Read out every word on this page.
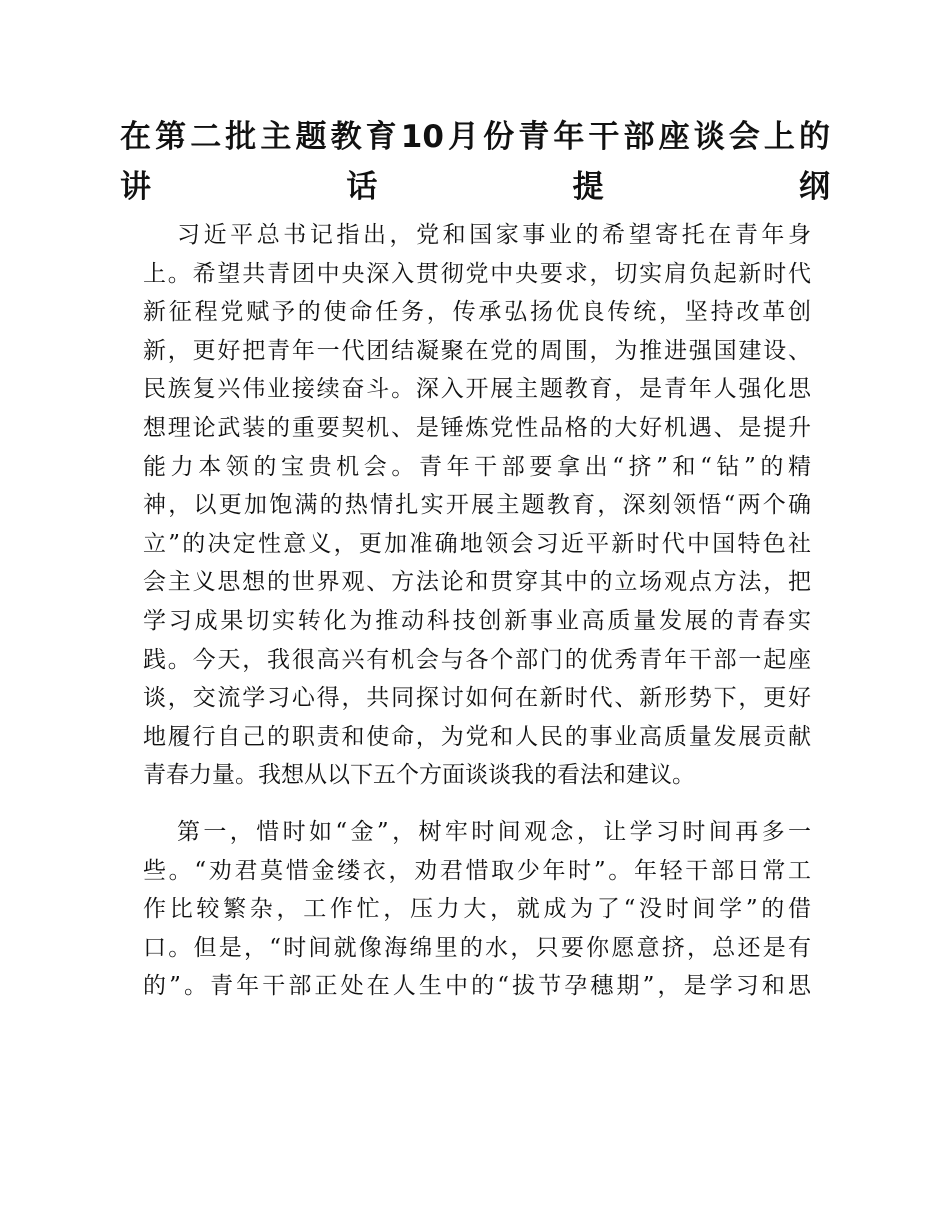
在第二批主题教育10月份青年干部座谈会上的
讲话提纲

习近平总书记指出，党和国家事业的希望寄托在青年身
上。希望共青团中央深入贯彻党中央要求，切实肩负起新时代
新征程党赋予的使命任务，传承弘扬优良传统，坚持改革创
新，更好把青年一代团结凝聚在党的周围，为推进强国建设、
民族复兴伟业接续奋斗。深入开展主题教育，是青年人强化思
想理论武装的重要契机、是锤炼党性品格的大好机遇、是提升
能力本领的宝贵机会。青年干部要拿出“挤”和“钻”的精
神，以更加饱满的热情扎实开展主题教育，深刻领悟“两个确
立”的决定性意义，更加准确地领会习近平新时代中国特色社
会主义思想的世界观、方法论和贯穿其中的立场观点方法，把
学习成果切实转化为推动科技创新事业高质量发展的青春实
践。今天，我很高兴有机会与各个部门的优秀青年干部一起座
谈，交流学习心得，共同探讨如何在新时代、新形势下，更好
地履行自己的职责和使命，为党和人民的事业高质量发展贡献
青春力量。我想从以下五个方面谈谈我的看法和建议。

第一，惜时如“金”，树牢时间观念，让学习时间再多一
些。“劝君莫惜金缕衣，劝君惜取少年时”。年轻干部日常工
作比较繁杂，工作忙，压力大，就成为了“没时间学”的借
口。但是，“时间就像海绵里的水，只要你愿意挤，总还是有
的”。青年干部正处在人生中的“拔节孕穗期”，是学习和思
